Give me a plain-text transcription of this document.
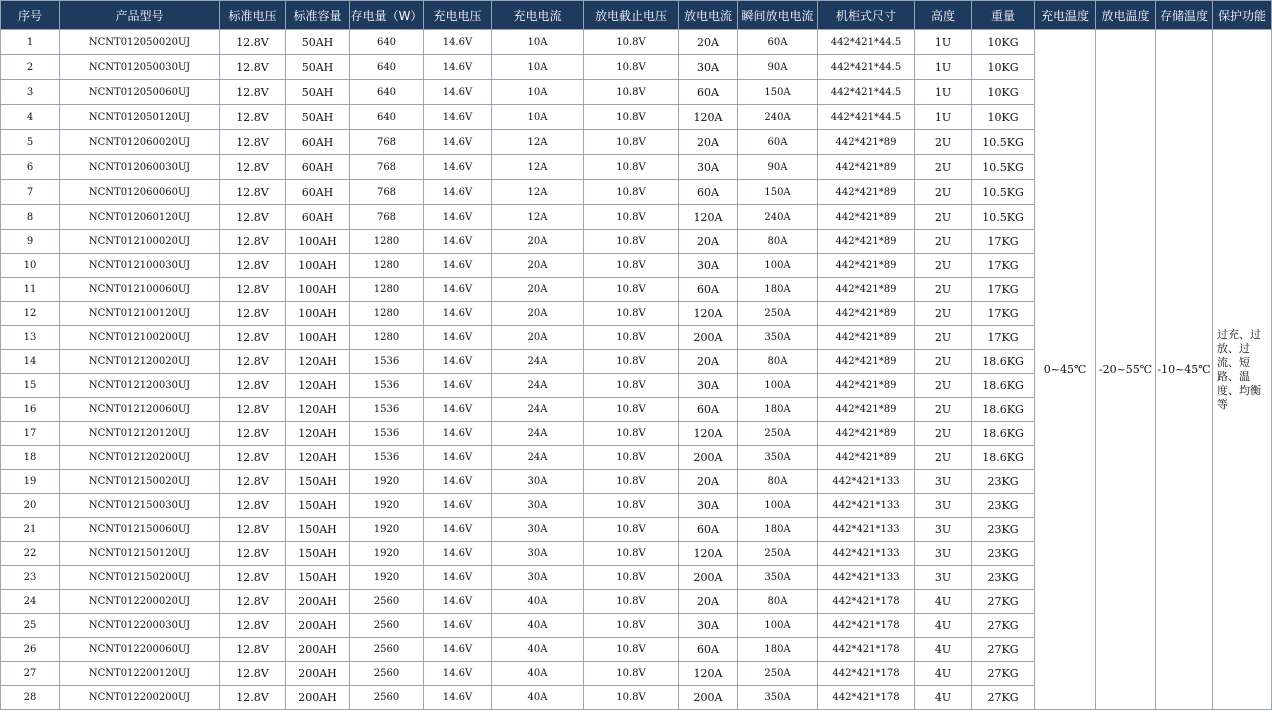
序号	产品型号	标准电压	标准容量	存电量（W）	充电电压	充电电流	放电截止电压	放电电流	瞬间放电电流	机柜式尺寸	高度	重量	充电温度	放电温度	存储温度	保护功能
1	NCNT012050020UJ	12.8V	50AH	640	14.6V	10A	10.8V	20A	60A	442*421*44.5	1U	10KG	0~45℃	-20~55℃	-10~45℃	过充、过放、过流、短路、温度、均衡等
2	NCNT012050030UJ	12.8V	50AH	640	14.6V	10A	10.8V	30A	90A	442*421*44.5	1U	10KG				
3	NCNT012050060UJ	12.8V	50AH	640	14.6V	10A	10.8V	60A	150A	442*421*44.5	1U	10KG				
4	NCNT012050120UJ	12.8V	50AH	640	14.6V	10A	10.8V	120A	240A	442*421*44.5	1U	10KG				
5	NCNT012060020UJ	12.8V	60AH	768	14.6V	12A	10.8V	20A	60A	442*421*89	2U	10.5KG				
6	NCNT012060030UJ	12.8V	60AH	768	14.6V	12A	10.8V	30A	90A	442*421*89	2U	10.5KG				
7	NCNT012060060UJ	12.8V	60AH	768	14.6V	12A	10.8V	60A	150A	442*421*89	2U	10.5KG				
8	NCNT012060120UJ	12.8V	60AH	768	14.6V	12A	10.8V	120A	240A	442*421*89	2U	10.5KG				
9	NCNT012100020UJ	12.8V	100AH	1280	14.6V	20A	10.8V	20A	80A	442*421*89	2U	17KG				
10	NCNT012100030UJ	12.8V	100AH	1280	14.6V	20A	10.8V	30A	100A	442*421*89	2U	17KG				
11	NCNT012100060UJ	12.8V	100AH	1280	14.6V	20A	10.8V	60A	180A	442*421*89	2U	17KG				
12	NCNT012100120UJ	12.8V	100AH	1280	14.6V	20A	10.8V	120A	250A	442*421*89	2U	17KG				
13	NCNT012100200UJ	12.8V	100AH	1280	14.6V	20A	10.8V	200A	350A	442*421*89	2U	17KG				
14	NCNT012120020UJ	12.8V	120AH	1536	14.6V	24A	10.8V	20A	80A	442*421*89	2U	18.6KG				
15	NCNT012120030UJ	12.8V	120AH	1536	14.6V	24A	10.8V	30A	100A	442*421*89	2U	18.6KG				
16	NCNT012120060UJ	12.8V	120AH	1536	14.6V	24A	10.8V	60A	180A	442*421*89	2U	18.6KG				
17	NCNT012120120UJ	12.8V	120AH	1536	14.6V	24A	10.8V	120A	250A	442*421*89	2U	18.6KG				
18	NCNT012120200UJ	12.8V	120AH	1536	14.6V	24A	10.8V	200A	350A	442*421*89	2U	18.6KG				
19	NCNT012150020UJ	12.8V	150AH	1920	14.6V	30A	10.8V	20A	80A	442*421*133	3U	23KG				
20	NCNT012150030UJ	12.8V	150AH	1920	14.6V	30A	10.8V	30A	100A	442*421*133	3U	23KG				
21	NCNT012150060UJ	12.8V	150AH	1920	14.6V	30A	10.8V	60A	180A	442*421*133	3U	23KG				
22	NCNT012150120UJ	12.8V	150AH	1920	14.6V	30A	10.8V	120A	250A	442*421*133	3U	23KG				
23	NCNT012150200UJ	12.8V	150AH	1920	14.6V	30A	10.8V	200A	350A	442*421*133	3U	23KG				
24	NCNT012200020UJ	12.8V	200AH	2560	14.6V	40A	10.8V	20A	80A	442*421*178	4U	27KG				
25	NCNT012200030UJ	12.8V	200AH	2560	14.6V	40A	10.8V	30A	100A	442*421*178	4U	27KG				
26	NCNT012200060UJ	12.8V	200AH	2560	14.6V	40A	10.8V	60A	180A	442*421*178	4U	27KG				
27	NCNT012200120UJ	12.8V	200AH	2560	14.6V	40A	10.8V	120A	250A	442*421*178	4U	27KG				
28	NCNT012200200UJ	12.8V	200AH	2560	14.6V	40A	10.8V	200A	350A	442*421*178	4U	27KG				
